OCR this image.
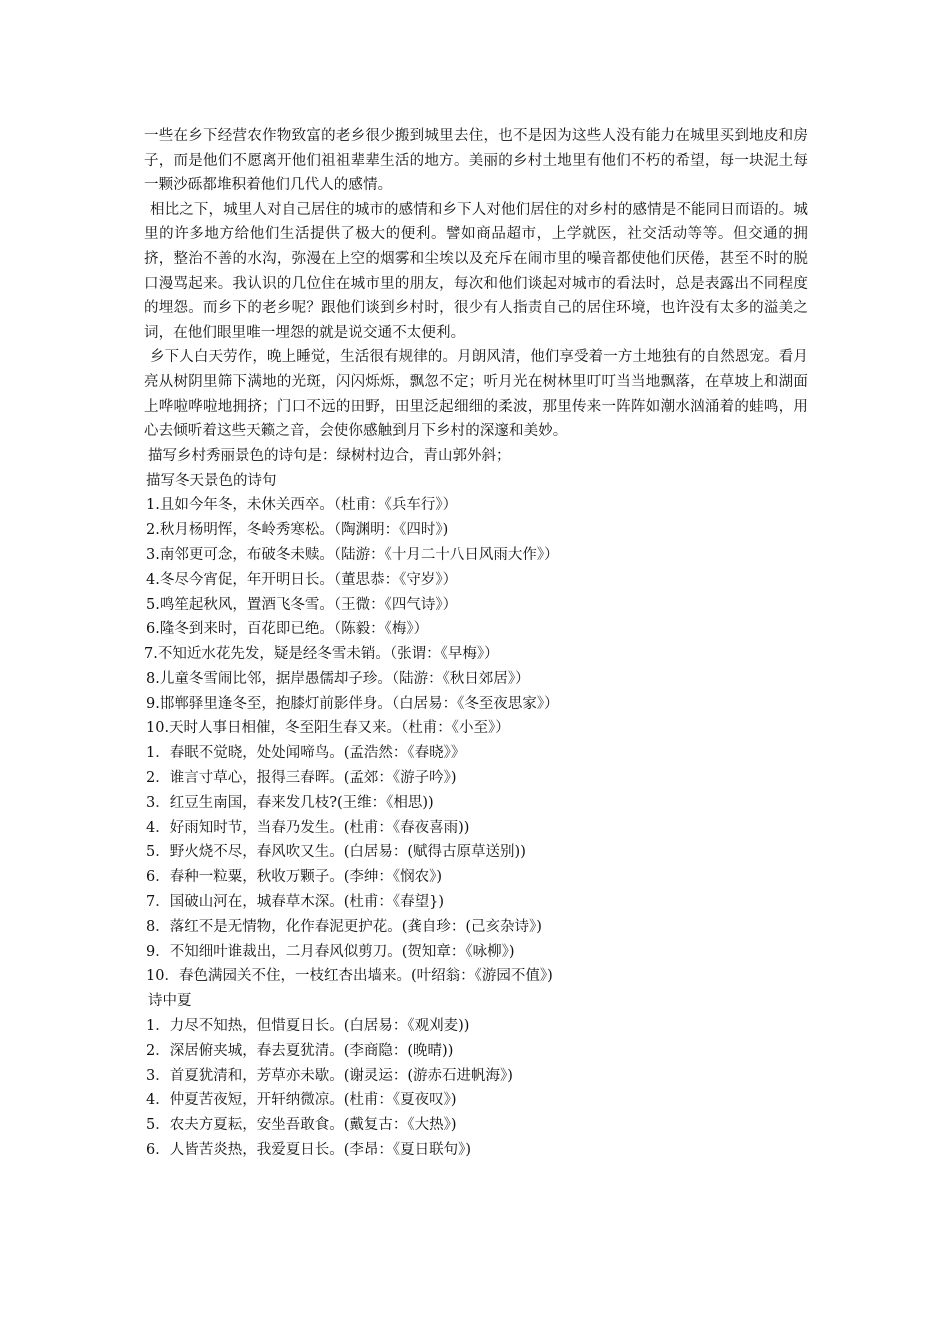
一些在乡下经营农作物致富的老乡很少搬到城里去住，也不是因为这些人没有能力在城里买到地皮和房子，而是他们不愿离开他们祖祖辈辈生活的地方。美丽的乡村土地里有他们不朽的希望，每一块泥土每一颗沙砾都堆积着他们几代人的感情。

相比之下，城里人对自己居住的城市的感情和乡下人对他们居住的对乡村的感情是不能同日而语的。城里的许多地方给他们生活提供了极大的便利。譬如商品超市，上学就医，社交活动等等。但交通的拥挤，整治不善的水沟，弥漫在上空的烟雾和尘埃以及充斥在闹市里的噪音都使他们厌倦，甚至不时的脱口漫骂起来。我认识的几位住在城市里的朋友，每次和他们谈起对城市的看法时，总是表露出不同程度的埋怨。而乡下的老乡呢？跟他们谈到乡村时，很少有人指责自己的居住环境，也许没有太多的溢美之词，在他们眼里唯一埋怨的就是说交通不太便利。

乡下人白天劳作，晚上睡觉，生活很有规律的。月朗风清，他们享受着一方土地独有的自然恩宠。看月亮从树阴里筛下满地的光斑，闪闪烁烁，飘忽不定；听月光在树林里叮叮当当地飘落，在草坡上和湖面上哗啦哗啦地拥挤；门口不远的田野，田里泛起细细的柔波，那里传来一阵阵如潮水汹涌着的蛙鸣，用心去倾听着这些天籁之音，会使你感触到月下乡村的深邃和美妙。

描写乡村秀丽景色的诗句是：绿树村边合，青山郭外斜；

描写冬天景色的诗句

1.且如今年冬，未休关西卒。（杜甫：《兵车行》）

2.秋月杨明恽，冬岭秀寒松。（陶渊明：《四时》)

3.南邻更可念，布破冬未赎。（陆游：《十月二十八日风雨大作》）

4.冬尽今宵促，年开明日长。（董思恭：《守岁》）

5.鸣笙起秋风，置酒飞冬雪。（王微：《四气诗》）

6.隆冬到来时，百花即已绝。（陈毅：《梅》）

7.不知近水花先发，疑是经冬雪未销。（张谓：《早梅》）

8.儿童冬雪闹比邻，据岸愚儒却子珍。（陆游：《秋日郊居》）

9.邯郸驿里逢冬至，抱膝灯前影伴身。（白居易：《冬至夜思家》）

10.天时人事日相催，冬至阳生春又来。（杜甫：《小至》）

1．春眠不觉晓，处处闻啼鸟。(孟浩然：《春晓》》

2．谁言寸草心，报得三春晖。(孟郊：《游子吟》)

3．红豆生南国，春来发几枝?(王维：《相思))

4．好雨知时节，当春乃发生。(杜甫：《春夜喜雨))

5．野火烧不尽，春风吹又生。(白居易：(赋得古原草送别))

6．春种一粒粟，秋收万颗子。(李绅：《悯农》)

7．国破山河在，城春草木深。(杜甫：《春望})

8．落红不是无情物，化作春泥更护花。(龚自珍：(己亥杂诗》)

9．不知细叶谁裁出，二月春风似剪刀。(贺知章：《咏柳》)

10．春色满园关不住，一枝红杏出墙来。(叶绍翁：《游园不值》)

诗中夏

1．力尽不知热，但惜夏日长。(白居易：《观刈麦))

2．深居俯夹城，春去夏犹清。(李商隐：(晚晴))

3．首夏犹清和，芳草亦未歇。(谢灵运：(游赤石进帆海》)

4．仲夏苦夜短，开轩纳微凉。(杜甫：《夏夜叹》)

5．农夫方夏耘，安坐吾敢食。(戴复古：《大热》)

6．人皆苦炎热，我爱夏日长。(李昂：《夏日联句》)
